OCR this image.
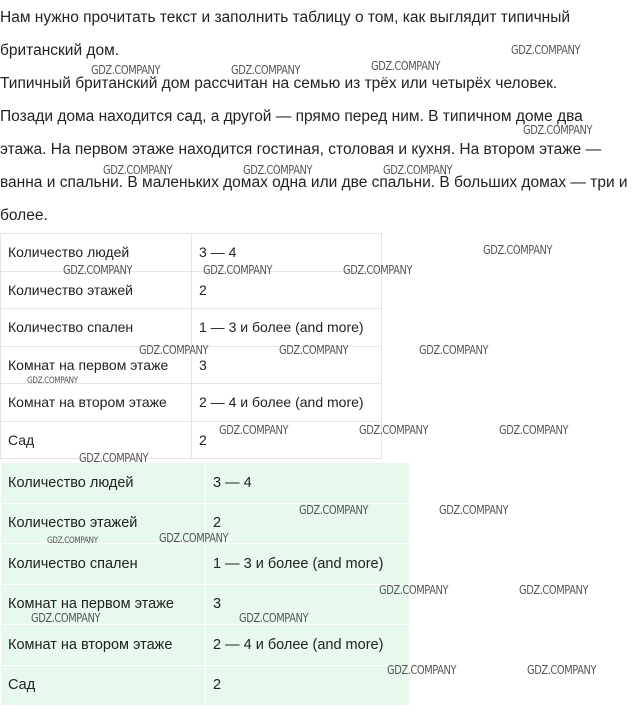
Нам нужно прочитать текст и заполнить таблицу о том, как выглядит типичный британский дом.

Типичный британский дом рассчитан на семью из трёх или четырёх человек.

Позади дома находится сад, а другой — прямо перед ним. В типичном доме два этажа. На первом этаже находится гостиная, столовая и кухня. На втором этаже — ванна и спальни. В маленьких домах одна или две спальни. В больших домах — три и более.

Количество людей	3 — 4
Количество этажей	2
Количество спален	1 — 3 и более (and more)
Комнат на первом этаже	3
Комнат на втором этаже	2 — 4 и более (and more)
Сад	2
Количество людей	3 — 4
Количество этажей	2
Количество спален	1 — 3 и более (and more)
Комнат на первом этаже	3
Комнат на втором этаже	2 — 4 и более (and more)
Сад	2
GDZ.COMPANY
GDZ.COMPANY	GDZ.COMPANY	GDZ.COMPANY
GDZ.COMPANY
GDZ.COMPANY	GDZ.COMPANY	GDZ.COMPANY
GDZ.COMPANY
GDZ.COMPANY	GDZ.COMPANY	GDZ.COMPANY
GDZ.COMPANY	GDZ.COMPANY	GDZ.COMPANY
GDZ.COMPANY
GDZ.COMPANY	GDZ.COMPANY	GDZ.COMPANY
GDZ.COMPANY
GDZ.COMPANY	GDZ.COMPANY
GDZ.COMPANY	GDZ.COMPANY
GDZ.COMPANY	GDZ.COMPANY
GDZ.COMPANY	GDZ.COMPANY
GDZ.COMPANY	GDZ.COMPANY
